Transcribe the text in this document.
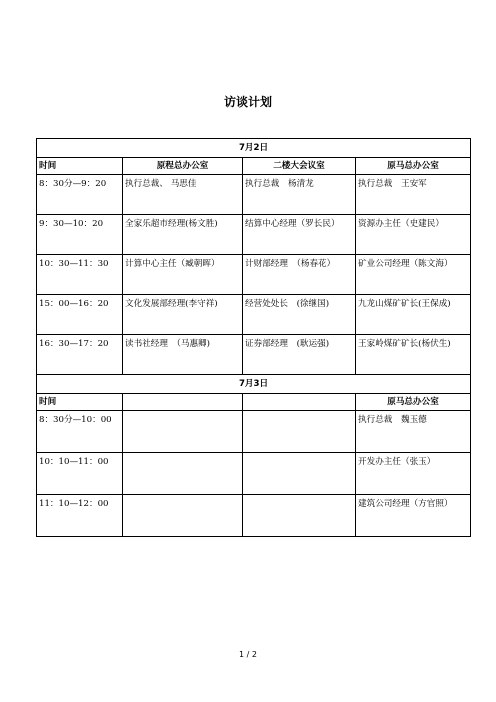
访谈计划
7月2日			
时间	原程总办公室	二楼大会议室	原马总办公室
8：30分—9：20	执行总裁、 马思佳	执行总裁　杨清龙	执行总裁　王安军
9：30—10：20	全家乐超市经理(杨文胜)	结算中心经理（罗长民）	资源办主任（史建民）
10：30—11：30	计算中心主任（臧朝晖）	计财部经理　（杨春花）	矿业公司经理（陈文海）
15：00—16：20	文化发展部经理(李守祥)	经营处处长　(徐继国)	九龙山煤矿矿长(王保成)
16：30—17：20	读书社经理　（马惠卿)	证券部经理　(耿运强)	王家岭煤矿矿长(杨伏生)
7月3日			
时间			原马总办公室
8：30分—10：00			执行总裁　魏玉德
10：10—11：00			开发办主任（张玉）
11：10—12：00			建筑公司经理（方官照）
1 / 2
